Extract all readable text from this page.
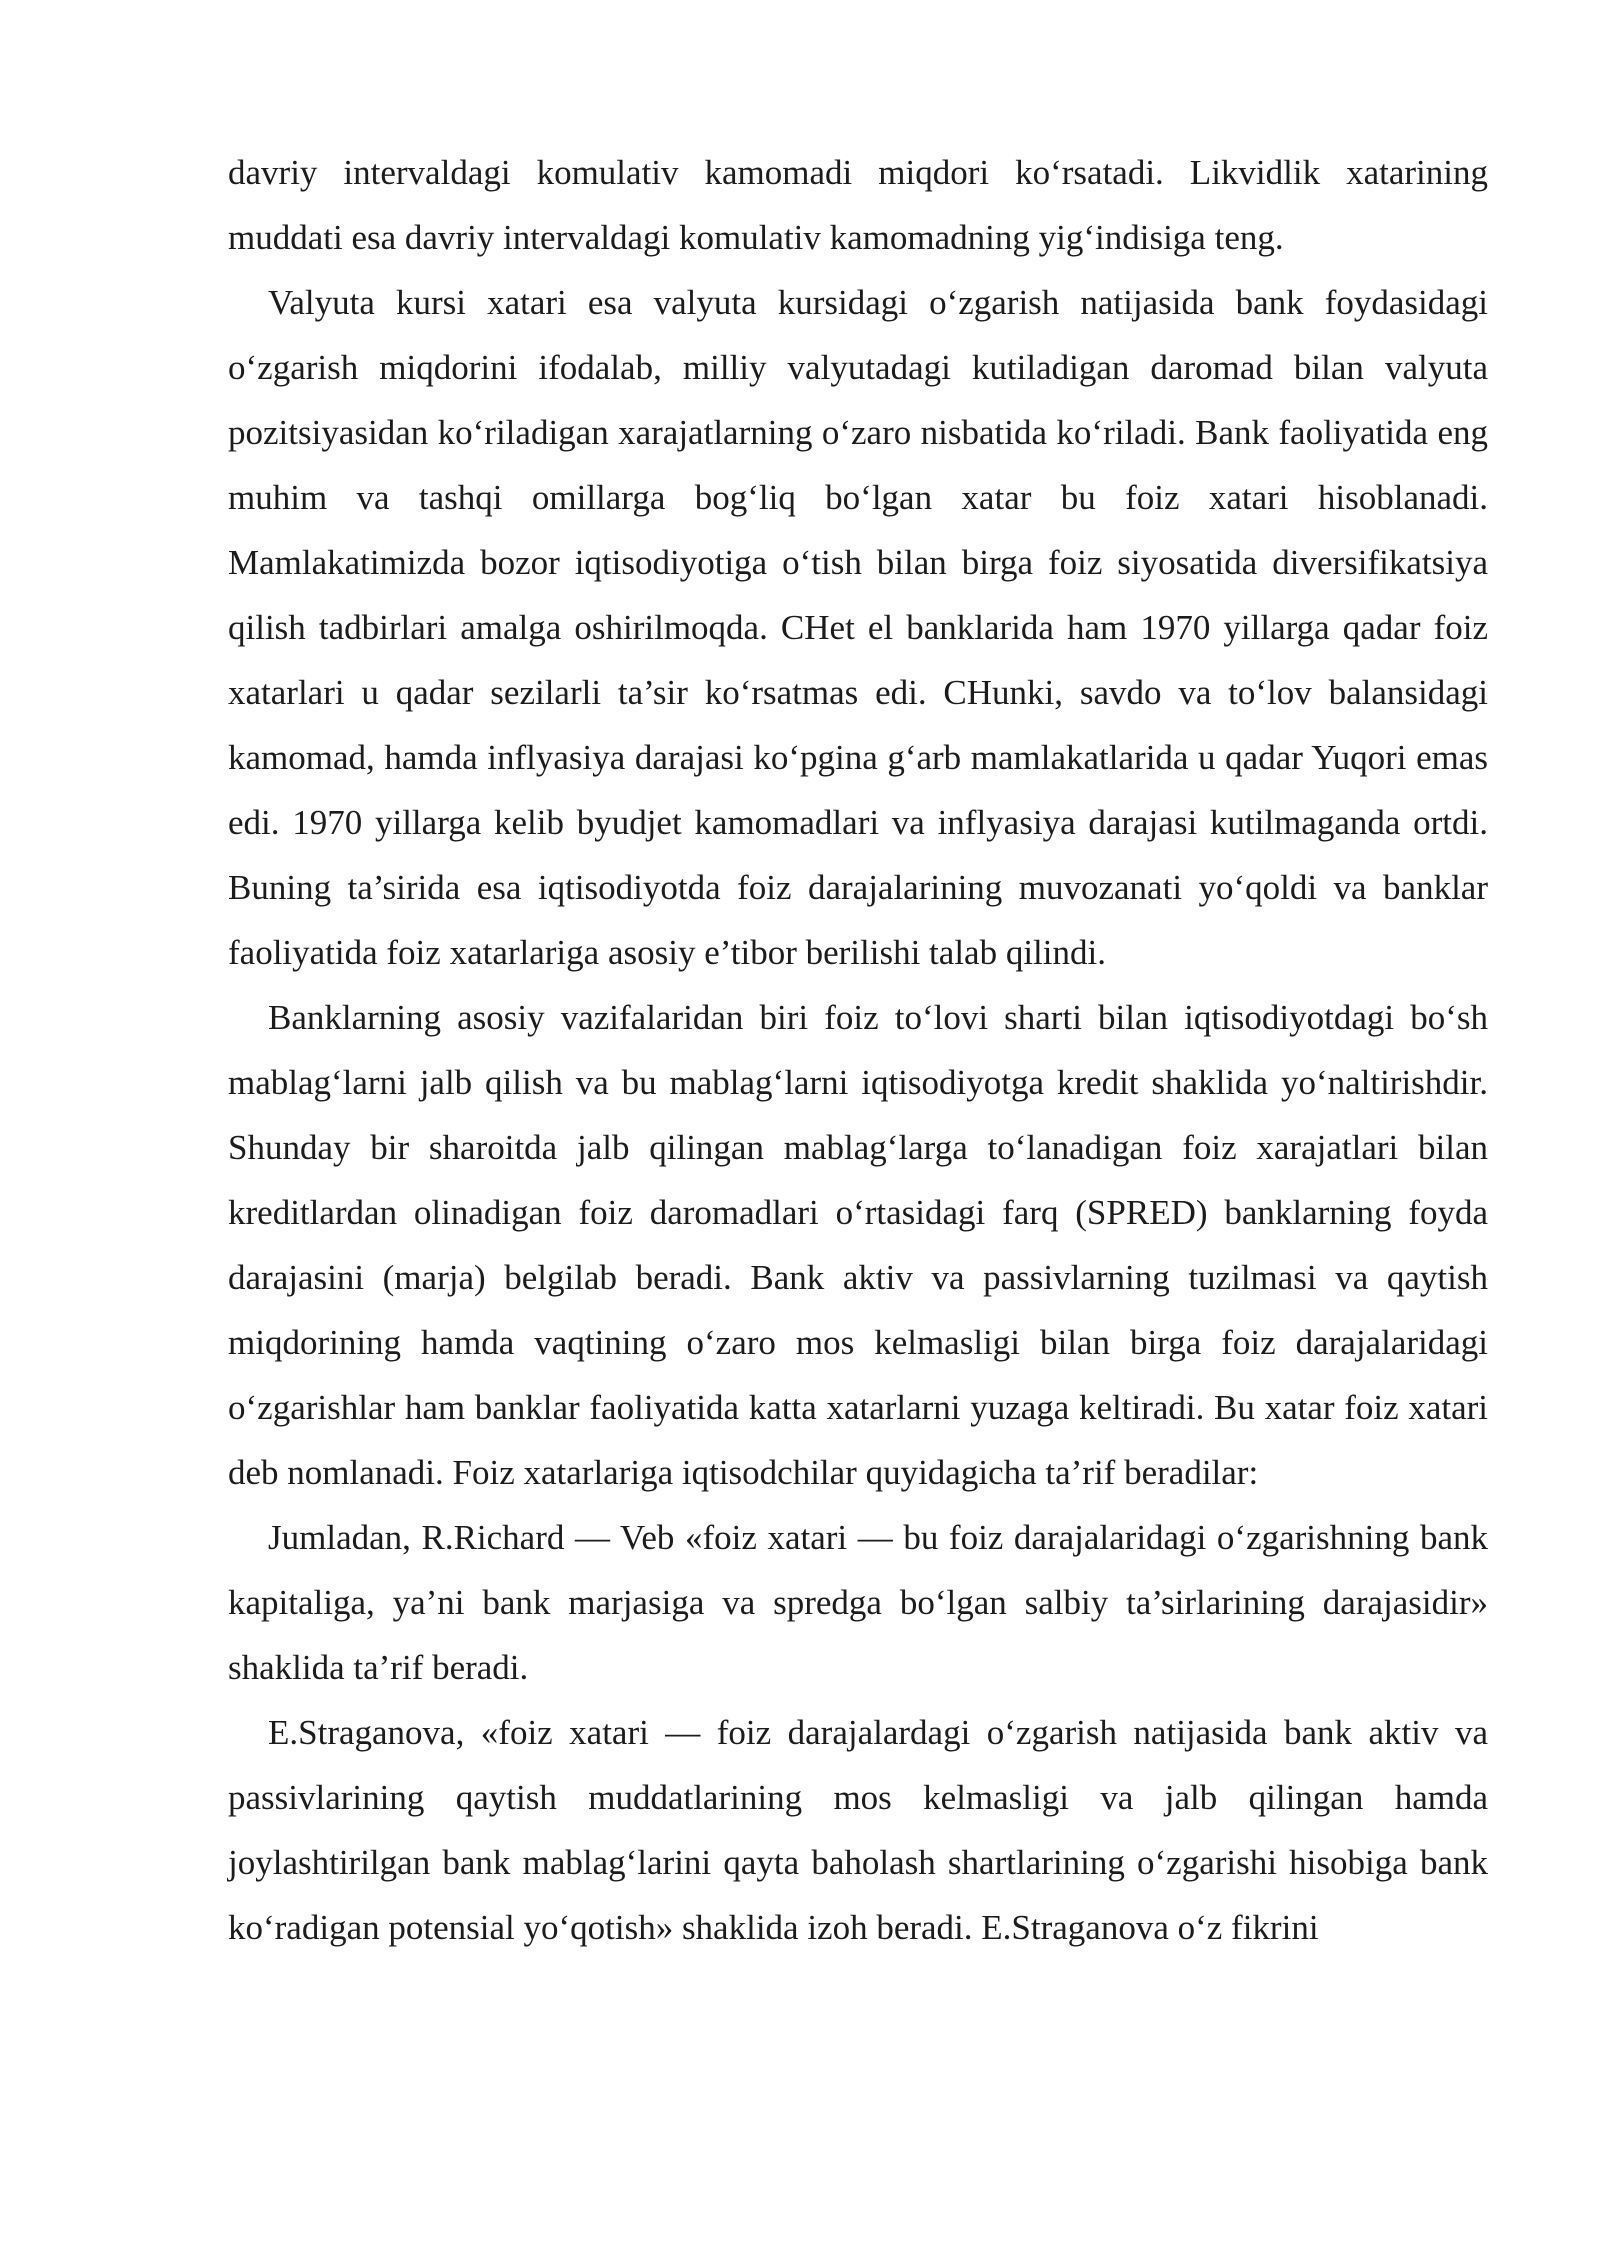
davriy intervaldagi komulativ kamomadi miqdori ko‘rsatadi. Likvidlik xatarining muddati esa davriy intervaldagi komulativ kamomadning yig‘indisiga teng.

Valyuta kursi xatari esa valyuta kursidagi o‘zgarish natijasida bank foydasidagi o‘zgarish miqdorini ifodalab, milliy valyutadagi kutiladigan daromad bilan valyuta pozitsiyasidan ko‘riladigan xarajatlarning o‘zaro nisbatida ko‘riladi. Bank faoliyatida eng muhim va tashqi omillarga bog‘liq bo‘lgan xatar bu foiz xatari hisoblanadi. Mamlakatimizda bozor iqtisodiyotiga o‘tish bilan birga foiz siyosatida diversifikatsiya qilish tadbirlari amalga oshirilmoqda. CHet el banklarida ham 1970 yillarga qadar foiz xatarlari u qadar sezilarli ta’sir ko‘rsatmas edi. CHunki, savdo va to‘lov balansidagi kamomad, hamda inflyasiya darajasi ko‘pgina g‘arb mamlakatlarida u qadar Yuqori emas edi. 1970 yillarga kelib byudjet kamomadlari va inflyasiya darajasi kutilmaganda ortdi. Buning ta’sirida esa iqtisodiyotda foiz darajalarining muvozanati yo‘qoldi va banklar faoliyatida foiz xatarlariga asosiy e’tibor berilishi talab qilindi.

Banklarning asosiy vazifalaridan biri foiz to‘lovi sharti bilan iqtisodiyotdagi bo‘sh mablag‘larni jalb qilish va bu mablag‘larni iqtisodiyotga kredit shaklida yo‘naltirishdir. Shunday bir sharoitda jalb qilingan mablag‘larga to‘lanadigan foiz xarajatlari bilan kreditlardan olinadigan foiz daromadlari o‘rtasidagi farq (SPRED) banklarning foyda darajasini (marja) belgilab beradi. Bank aktiv va passivlarning tuzilmasi va qaytish miqdorining hamda vaqtining o‘zaro mos kelmasligi bilan birga foiz darajalaridagi o‘zgarishlar ham banklar faoliyatida katta xatarlarni yuzaga keltiradi. Bu xatar foiz xatari deb nomlanadi. Foiz xatarlariga iqtisodchilar quyidagicha ta’rif beradilar:

Jumladan, R.Richard — Veb «foiz xatari — bu foiz darajalaridagi o‘zgarishning bank kapitaliga, ya’ni bank marjasiga va spredga bo‘lgan salbiy ta’sirlarining darajasidir» shaklida ta’rif beradi.

E.Straganova, «foiz xatari — foiz darajalardagi o‘zgarish natijasida bank aktiv va passivlarining qaytish muddatlarining mos kelmasligi va jalb qilingan hamda joylashtirilgan bank mablag‘larini qayta baholash shartlarining o‘zgarishi hisobiga bank ko‘radigan potensial yo‘qotish» shaklida izoh beradi. E.Straganova o‘z fikrini
